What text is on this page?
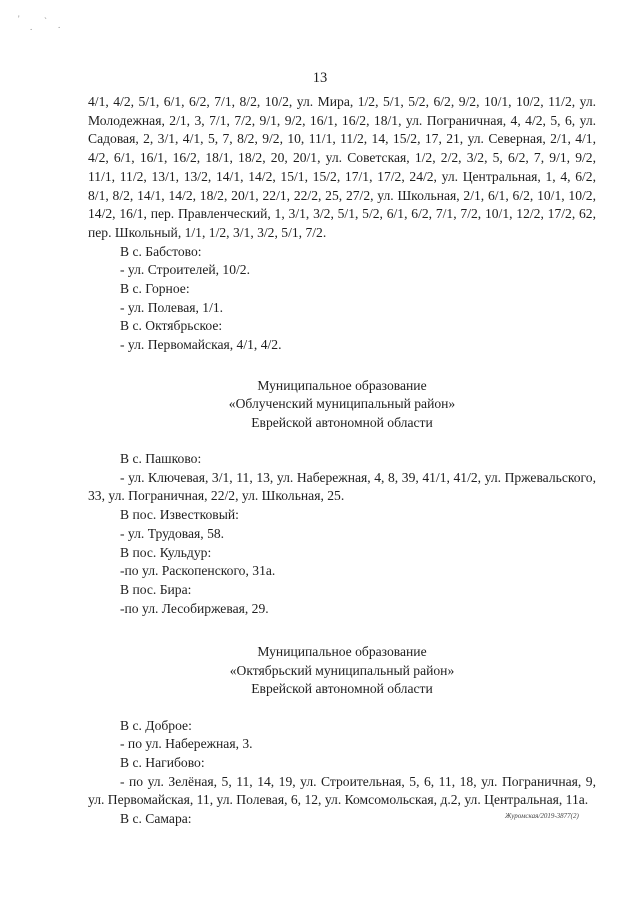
'
.
` .
13

4/1, 4/2, 5/1, 6/1, 6/2, 7/1, 8/2, 10/2, ул. Мира, 1/2, 5/1, 5/2, 6/2, 9/2, 10/1, 10/2, 11/2, ул. Молодежная, 2/1, 3, 7/1, 7/2, 9/1, 9/2, 16/1, 16/2, 18/1, ул. Пограничная, 4, 4/2, 5, 6, ул. Садовая, 2, 3/1, 4/1, 5, 7, 8/2, 9/2, 10, 11/1, 11/2, 14, 15/2, 17, 21, ул. Северная, 2/1, 4/1, 4/2, 6/1, 16/1, 16/2, 18/1, 18/2, 20, 20/1, ул. Советская, 1/2, 2/2, 3/2, 5, 6/2, 7, 9/1, 9/2, 11/1, 11/2, 13/1, 13/2, 14/1, 14/2, 15/1, 15/2, 17/1, 17/2, 24/2, ул. Центральная, 1, 4, 6/2, 8/1, 8/2, 14/1, 14/2, 18/2, 20/1, 22/1, 22/2, 25, 27/2, ул. Школьная, 2/1, 6/1, 6/2, 10/1, 10/2, 14/2, 16/1, пер. Правленческий, 1, 3/1, 3/2, 5/1, 5/2, 6/1, 6/2, 7/1, 7/2, 10/1, 12/2, 17/2, 62, пер. Школьный, 1/1, 1/2, 3/1, 3/2, 5/1, 7/2.

В с. Бабстово:

- ул. Строителей, 10/2.

В с. Горное:

- ул. Полевая, 1/1.

В с. Октябрьское:

- ул. Первомайская, 4/1, 4/2.

Муниципальное образование
«Облученский муниципальный район»
Еврейской автономной области

В с. Пашково:

- ул. Ключевая, 3/1, 11, 13, ул. Набережная, 4, 8, 39, 41/1, 41/2, ул. Пржевальского, 33, ул. Пограничная, 22/2, ул. Школьная, 25.

В пос. Известковый:

- ул. Трудовая, 58.

В пос. Кульдур:

-по ул. Раскопенского, 31а.

В пос. Бира:

-по ул. Лесобиржевая, 29.

Муниципальное образование
«Октябрьский муниципальный район»
Еврейской автономной области

В с. Доброе:

- по ул. Набережная, 3.

В с. Нагибово:

- по ул. Зелёная, 5, 11, 14, 19, ул. Строительная, 5, 6, 11, 18, ул. Пограничная, 9, ул. Первомайская, 11, ул. Полевая, 6, 12, ул. Комсомольская, д.2, ул. Центральная, 11а.

В с. Самара:	Журомская/2019-3877(2)
